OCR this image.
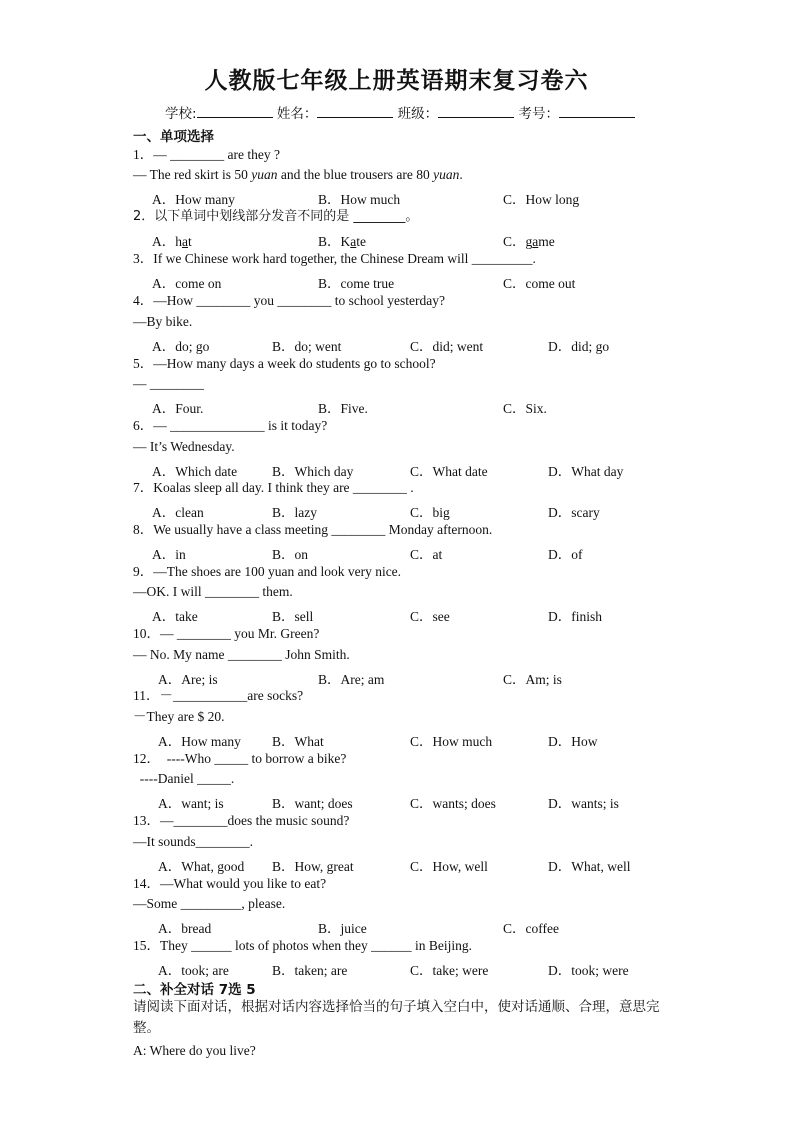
人教版七年级上册英语期末复习卷六
学校:	姓名：	班级：	考号：
一、单项选择
1．— ________ are they ?
— The red skirt is 50 yuan and the blue trousers are 80 yuan.
A．How many	B．How much	C．How long
2．以下单词中划线部分发音不同的是 ________。
A．hat	B．Kate	C．game
3．If we Chinese work hard together, the Chinese Dream will _________.
A．come on	B．come true	C．come out
4．—How ________ you ________ to school yesterday?
—By bike.
A．do; go	B．do; went	C．did; went	D．did; go
5．—How many days a week do students go to school?
— ________
A．Four.	B．Five.	C．Six.
6．— ______________ is it today?
— It’s Wednesday.
A．Which date	B．Which day	C．What date	D．What day
7．Koalas sleep all day. I think they are ________ .
A．clean	B．lazy	C．big	D．scary
8．We usually have a class meeting ________ Monday afternoon.
A．in	B．on	C．at	D．of
9．—The shoes are 100 yuan and look very nice.
—OK. I will ________ them.
A．take	B．sell	C．see	D．finish
10．— ________ you Mr. Green?
— No. My name ________ John Smith.
A．Are; is	B．Are; am	C．Am; is
11．－___________are socks?
－They are $ 20.
A．How many B．What	C．How much	D．How
12．  ----Who _____ to borrow a bike?
----Daniel _____.
A．want; is	B．want; does	C．wants; does	D．wants; is
13．—________does the music sound?
—It sounds________.
A．What, good B．How, great	C．How, well	D．What, well
14．—What would you like to eat?
—Some _________, please.
A．bread	B．juice	C．coffee
15．They ______ lots of photos when they ______ in Beijing.
A．took; are	B．taken; are	C．take; were	D．took; were
二、补全对话 7选 5
请阅读下面对话，根据对话内容选择恰当的句子填入空白中，使对话通顺、合理，意思完整。
A: Where do you live?
